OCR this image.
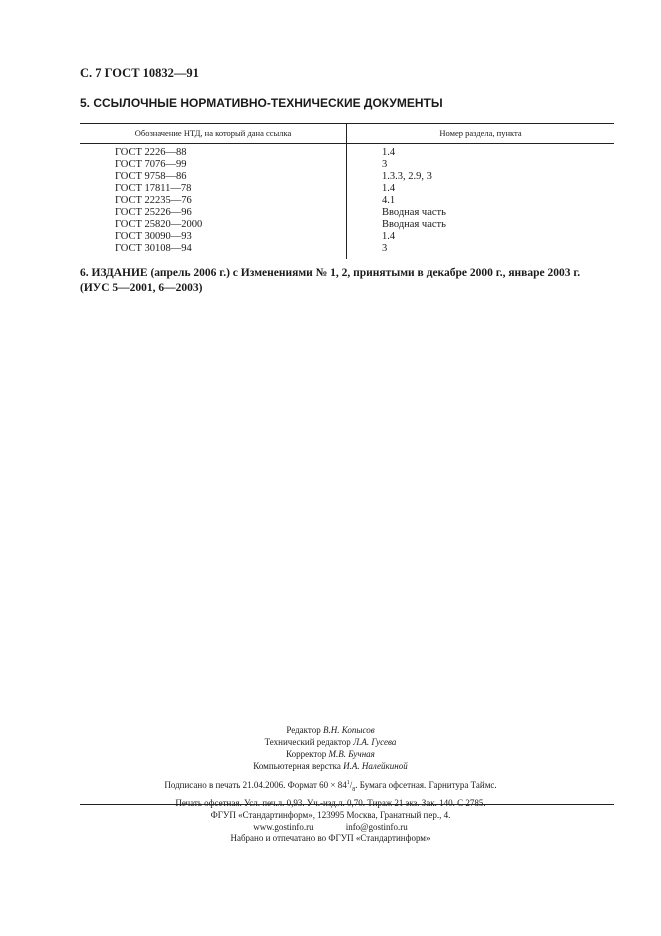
С. 7 ГОСТ 10832—91
5. ССЫЛОЧНЫЕ НОРМАТИВНО-ТЕХНИЧЕСКИЕ ДОКУМЕНТЫ
Обозначение НТД, на который дана ссылка	Номер раздела, пункта
ГОСТ 2226—88
ГОСТ 7076—99
ГОСТ 9758—86
ГОСТ 17811—78
ГОСТ 22235—76
ГОСТ 25226—96
ГОСТ 25820—2000
ГОСТ 30090—93
ГОСТ 30108—94
1.4
3
1.3.3, 2.9, 3
1.4
4.1
Вводная часть
Вводная часть
1.4
3
6. ИЗДАНИЕ (апрель 2006 г.) с Изменениями № 1, 2, принятыми в декабре 2000 г., январе 2003 г.
(ИУС 5—2001, 6—2003)
Редактор В.Н. Копысов
Технический редактор Л.А. Гусева
Корректор М.В. Бучная
Компьютерная верстка И.А. Налейкиной
Подписано в печать 21.04.2006. Формат $60 \times 84^1/_8$. Бумага офсетная. Гарнитура Таймс.
Печать офсетная. Усл. печ.л. 0,93. Уч.-изд.л. 0,70. Тираж 21 экз. Зак. 140. С 2785.
ФГУП «Стандартинформ», 123995 Москва, Гранатный пер., 4.
www.gostinfo.ru	info@gostinfo.ru
Набрано и отпечатано во ФГУП «Стандартинформ»
